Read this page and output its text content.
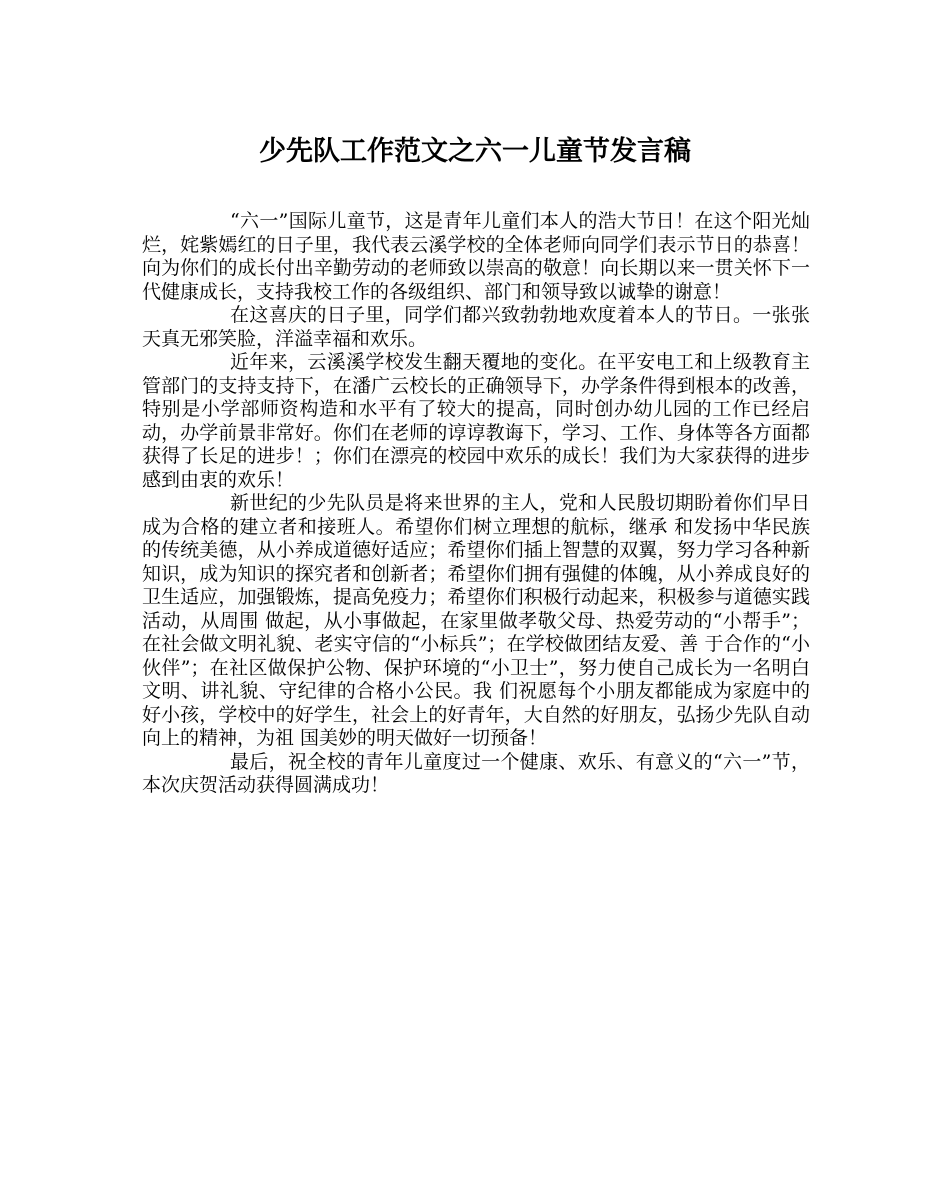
少先队工作范文之六一儿童节发言稿

“六一”国际儿童节，这是青年儿童们本人的浩大节日！在这个阳光灿烂，姹紫嫣红的日子里，我代表云溪学校的全体老师向同学们表示节日的恭喜！向为你们的成长付出辛勤劳动的老师致以崇高的敬意！向长期以来一贯关怀下一代健康成长，支持我校工作的各级组织、部门和领导致以诚挚的谢意！

在这喜庆的日子里，同学们都兴致勃勃地欢度着本人的节日。一张张天真无邪笑脸，洋溢幸福和欢乐。

近年来，云溪溪学校发生翻天覆地的变化。在平安电工和上级教育主管部门的支持支持下，在潘广云校长的正确领导下，办学条件得到根本的改善，特别是小学部师资构造和水平有了较大的提高，同时创办幼儿园的工作已经启动，办学前景非常好。你们在老师的谆谆教诲下，学习、工作、身体等各方面都获得了长足的进步！；你们在漂亮的校园中欢乐的成长！我们为大家获得的进步感到由衷的欢乐！

新世纪的少先队员是将来世界的主人，党和人民殷切期盼着你们早日成为合格的建立者和接班人。希望你们树立理想的航标，继承 和发扬中华民族的传统美德，从小养成道德好适应；希望你们插上智慧的双翼，努力学习各种新知识，成为知识的探究者和创新者；希望你们拥有强健的体魄，从小养成良好的卫生适应，加强锻炼，提高免疫力；希望你们积极行动起来，积极参与道德实践活动，从周围 做起，从小事做起，在家里做孝敬父母、热爱劳动的“小帮手”；在社会做文明礼貌、老实守信的“小标兵”；在学校做团结友爱、善 于合作的“小伙伴”；在社区做保护公物、保护环境的“小卫士”，努力使自己成长为一名明白文明、讲礼貌、守纪律的合格小公民。我 们祝愿每个小朋友都能成为家庭中的好小孩，学校中的好学生，社会上的好青年，大自然的好朋友，弘扬少先队自动向上的精神，为祖 国美妙的明天做好一切预备！

最后，祝全校的青年儿童度过一个健康、欢乐、有意义的“六一”节，本次庆贺活动获得圆满成功！
